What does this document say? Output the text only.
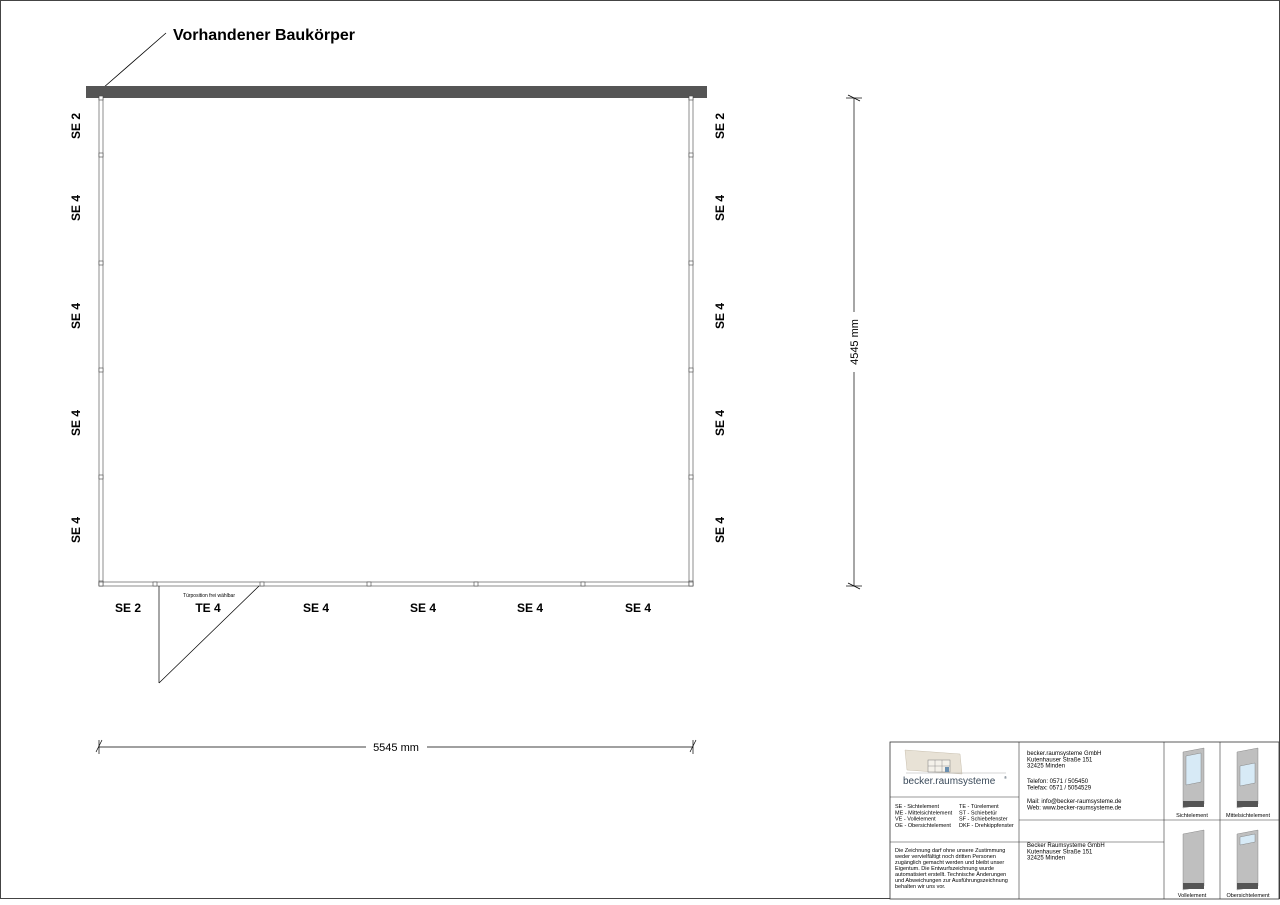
Vorhandener Baukörper
Türposition frei wählbar
SE 2
SE 4
SE 4
SE 4
SE 4
SE 2
SE 4
SE 4
SE 4
SE 4
SE 2	TE 4	SE 4	SE 4	SE 4	SE 4
5545 mm
4545 mm
becker.raumsysteme ®
SE - Sichtelement
ME - Mittelsichtelement
VE - Vollelement
OE - Obersichtelement
TE - Türelement
ST - Schiebetür
SF - Schiebefenster
DKF - Drehkippfenster
Die Zeichnung darf ohne unsere Zustimmung
weder vervielfältigt noch dritten Personen
zugänglich gemacht werden und bleibt unser
Eigentum. Die Entwurfszeichnung wurde
automatisiert erstellt. Technische Änderungen
und Abweichungen zur Ausführungszeichnung
behalten wir uns vor.
becker.raumsysteme GmbH
Kutenhauser Straße 151
32425 Minden
Telefon: 0571 / 505450
Telefax: 0571 / 5054529
Mail: info@becker-raumsysteme.de
Web: www.becker-raumsysteme.de
Becker Raumsysteme GmbH
Kutenhauser Straße 151
32425 Minden
Sichtelement	Mittelsichtelement
Vollelement	Obersichtelement
